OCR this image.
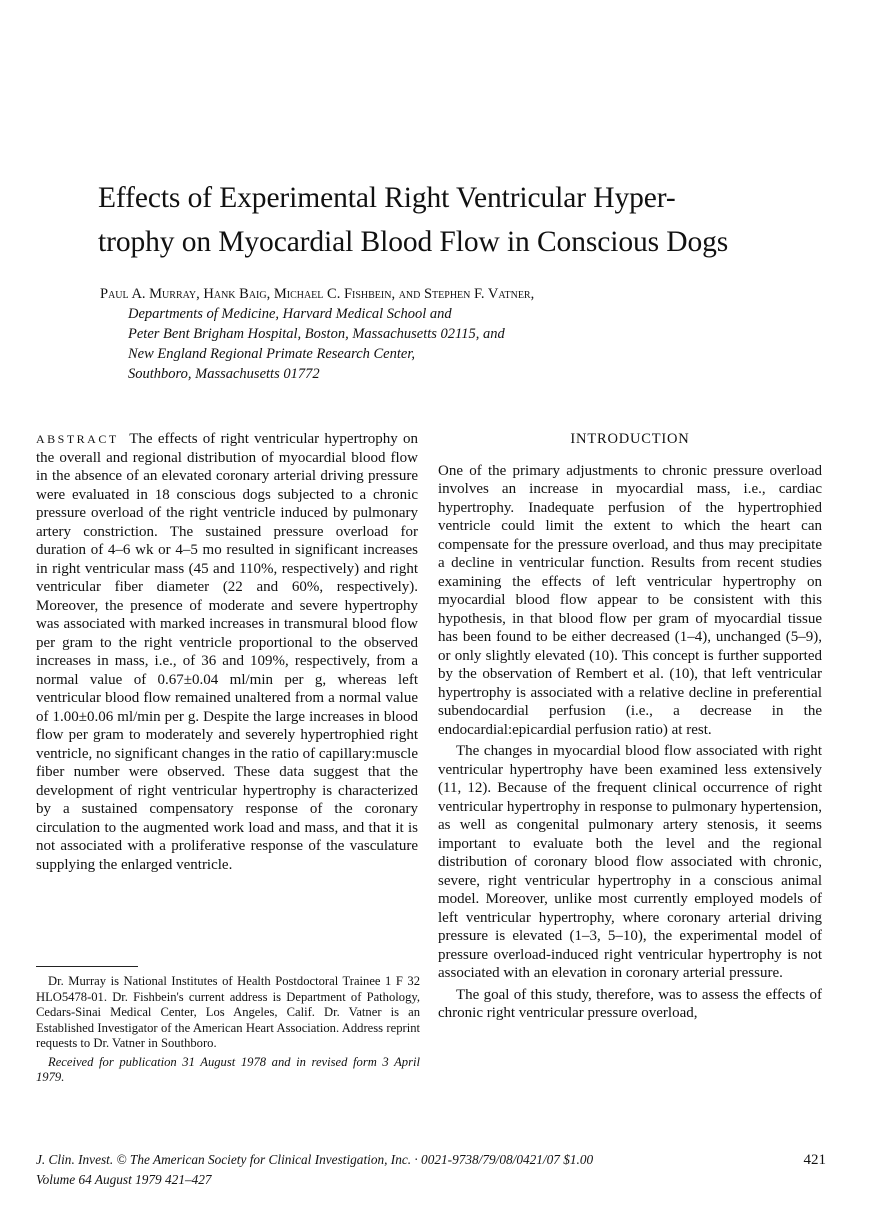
Effects of Experimental Right Ventricular Hyper-
trophy on Myocardial Blood Flow in Conscious Dogs
Paul A. Murray, Hank Baig, Michael C. Fishbein, and Stephen F. Vatner,
Departments of Medicine, Harvard Medical School and
Peter Bent Brigham Hospital, Boston, Massachusetts 02115, and
New England Regional Primate Research Center,
Southboro, Massachusetts 01772

ABSTRACT The effects of right ventricular hypertrophy on the overall and regional distribution of myocardial blood flow in the absence of an elevated coronary arterial driving pressure were evaluated in 18 conscious dogs subjected to a chronic pressure overload of the right ventricle induced by pulmonary artery constriction. The sustained pressure overload for duration of 4–6 wk or 4–5 mo resulted in significant increases in right ventricular mass (45 and 110%, respectively) and right ventricular fiber diameter (22 and 60%, respectively). Moreover, the presence of moderate and severe hypertrophy was associated with marked increases in transmural blood flow per gram to the right ventricle proportional to the observed increases in mass, i.e., of 36 and 109%, respectively, from a normal value of 0.67±0.04 ml/min per g, whereas left ventricular blood flow remained unaltered from a normal value of 1.00±0.06 ml/min per g. Despite the large increases in blood flow per gram to moderately and severely hypertrophied right ventricle, no significant changes in the ratio of capillary:muscle fiber number were observed. These data suggest that the development of right ventricular hypertrophy is characterized by a sustained compensatory response of the coronary circulation to the augmented work load and mass, and that it is not associated with a proliferative response of the vasculature supplying the enlarged ventricle.

INTRODUCTION

One of the primary adjustments to chronic pressure overload involves an increase in myocardial mass, i.e., cardiac hypertrophy. Inadequate perfusion of the hypertrophied ventricle could limit the extent to which the heart can compensate for the pressure overload, and thus may precipitate a decline in ventricular function. Results from recent studies examining the effects of left ventricular hypertrophy on myocardial blood flow appear to be consistent with this hypothesis, in that blood flow per gram of myocardial tissue has been found to be either decreased (1–4), unchanged (5–9), or only slightly elevated (10). This concept is further supported by the observation of Rembert et al. (10), that left ventricular hypertrophy is associated with a relative decline in preferential subendocardial perfusion (i.e., a decrease in the endocardial:epicardial perfusion ratio) at rest.

The changes in myocardial blood flow associated with right ventricular hypertrophy have been examined less extensively (11, 12). Because of the frequent clinical occurrence of right ventricular hypertrophy in response to pulmonary hypertension, as well as congenital pulmonary artery stenosis, it seems important to evaluate both the level and the regional distribution of coronary blood flow associated with chronic, severe, right ventricular hypertrophy in a conscious animal model. Moreover, unlike most currently employed models of left ventricular hypertrophy, where coronary arterial driving pressure is elevated (1–3, 5–10), the experimental model of pressure overload-induced right ventricular hypertrophy is not associated with an elevation in coronary arterial pressure.

The goal of this study, therefore, was to assess the effects of chronic right ventricular pressure overload,

Dr. Murray is National Institutes of Health Postdoctoral Trainee 1 F 32 HLO5478-01. Dr. Fishbein's current address is Department of Pathology, Cedars-Sinai Medical Center, Los Angeles, Calif. Dr. Vatner is an Established Investigator of the American Heart Association. Address reprint requests to Dr. Vatner in Southboro.

Received for publication 31 August 1978 and in revised form 3 April 1979.

J. Clin. Invest. © The American Society for Clinical Investigation, Inc. · 0021-9738/79/08/0421/07 $1.00	421
Volume 64 August 1979 421–427
